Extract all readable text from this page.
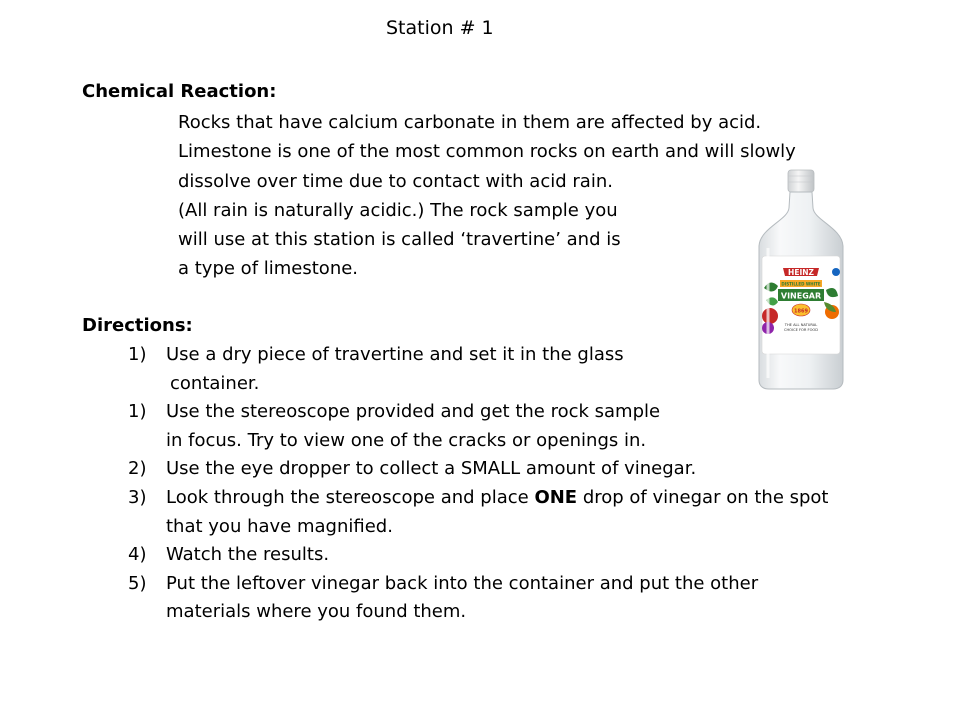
Station # 1
Chemical Reaction:
Rocks that have calcium carbonate in them are affected by acid.
Limestone is one of the most common rocks on earth and will slowly
dissolve over time due to contact with acid rain.
(All rain is naturally acidic.) The rock sample you
will use at this station is called ‘travertine’ and is
a type of limestone.
Directions:
1) Use a dry piece of travertine and set it in the glass
container.
1) Use the stereoscope provided and get the rock sample
in focus. Try to view one of the cracks or openings in.
2) Use the eye dropper to collect a SMALL amount of vinegar.
3) Look through the stereoscope and place ONE drop of vinegar on the spot
that you have magnified.
4) Watch the results.
5) Put the leftover vinegar back into the container and put the other
materials where you found them.
HEINZ
DISTILLED WHITE
VINEGAR
1869
THE ALL NATURAL
CHOICE FOR FOOD
